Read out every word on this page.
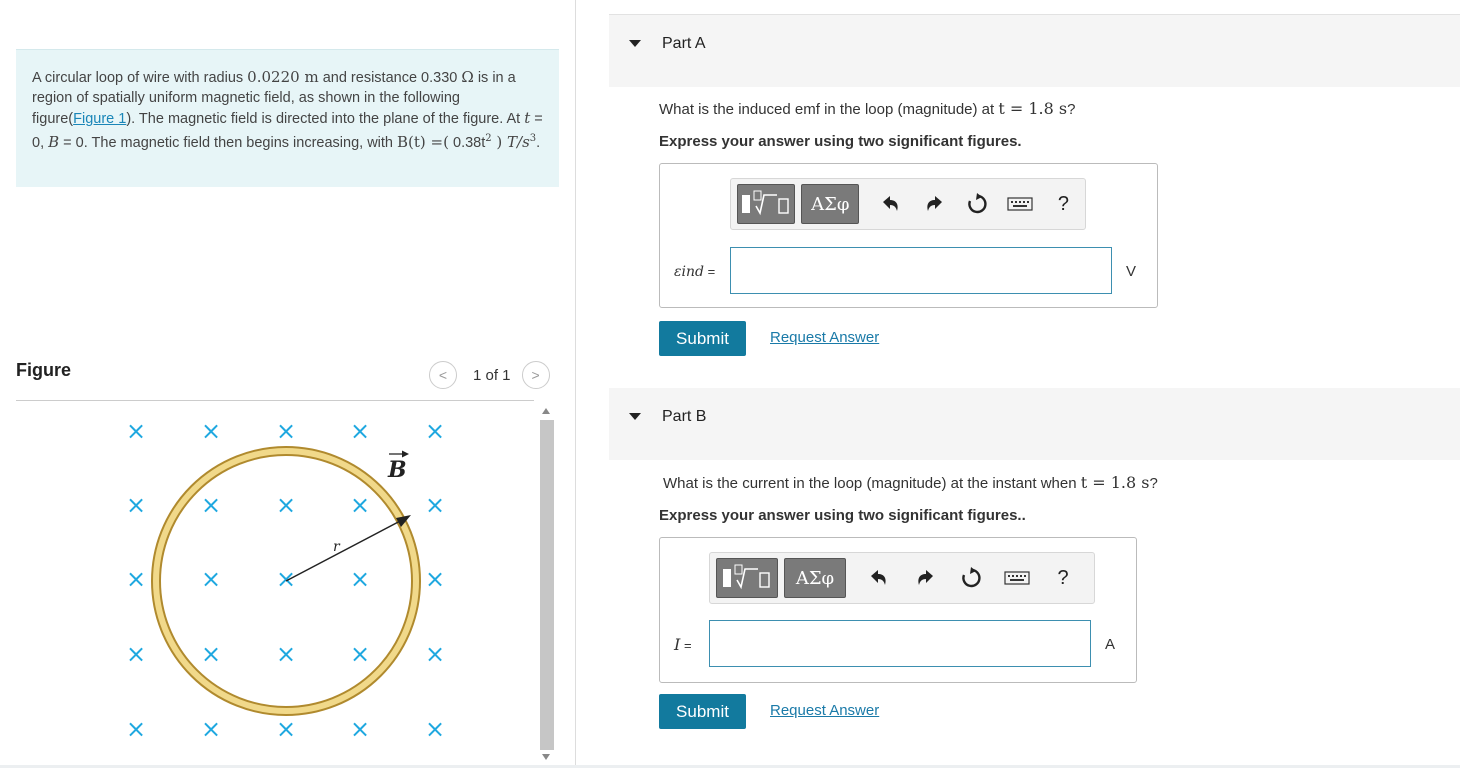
A circular loop of wire with radius 0.0220 m and resistance 0.330 Ω is in a region of spatially uniform magnetic field, as shown in the following figure(Figure 1). The magnetic field is directed into the plane of the figure. At t = 0, B = 0. The magnetic field then begins increasing, with B(t) =( $0.38t^2$ ) $T/s^3$.
Figure	< 1 of 1 >
× × × × ×
× × × × ×
× × × × ×
× × × × ×
× × × × ×
r
B
Part A
What is the induced emf in the loop (magnitude) at t = 1.8 s?
Express your answer using two significant figures.
ΑΣφ	?
εind =	V
Submit	Request Answer
Part B
What is the current in the loop (magnitude) at the instant when t = 1.8 s?
Express your answer using two significant figures..
ΑΣφ	?
I =	A
Submit	Request Answer
